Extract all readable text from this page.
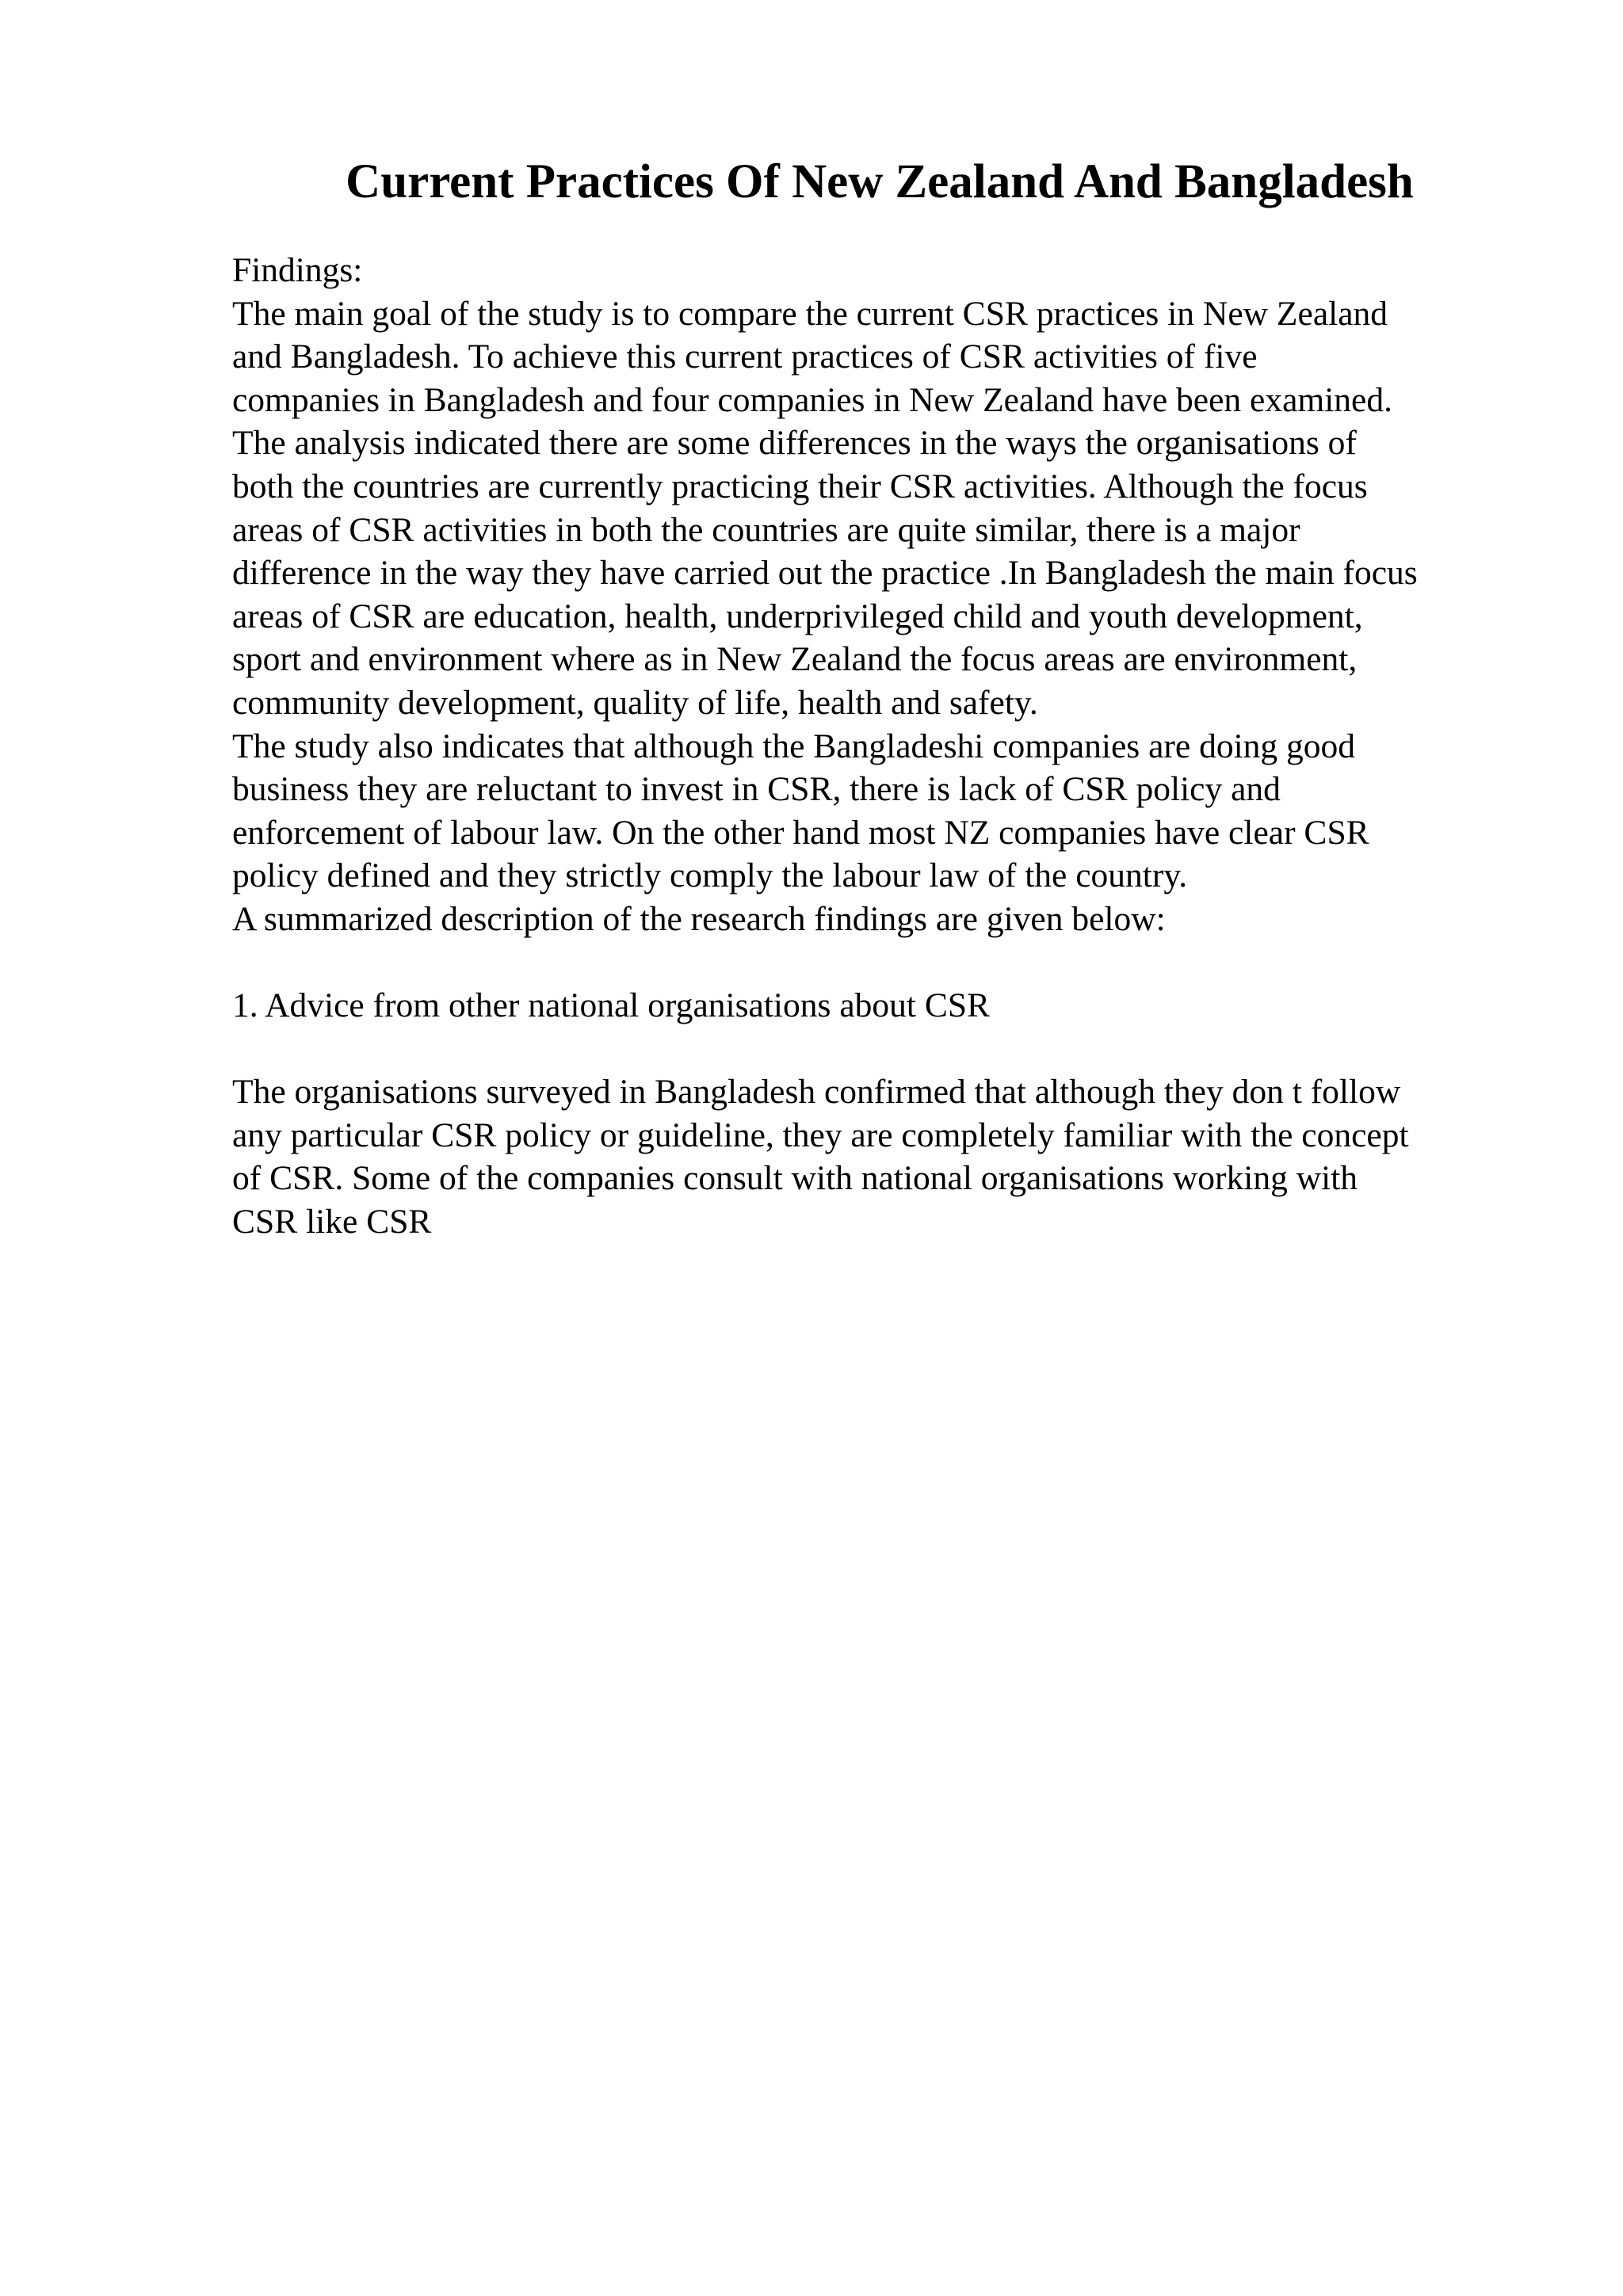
Current Practices Of New Zealand And Bangladesh

Findings:

The main goal of the study is to compare the current CSR practices in New Zealand

and Bangladesh. To achieve this current practices of CSR activities of five

companies in Bangladesh and four companies in New Zealand have been examined.

The analysis indicated there are some differences in the ways the organisations of

both the countries are currently practicing their CSR activities. Although the focus

areas of CSR activities in both the countries are quite similar, there is a major

difference in the way they have carried out the practice .In Bangladesh the main focus

areas of CSR are education, health, underprivileged child and youth development,

sport and environment where as in New Zealand the focus areas are environment,

community development, quality of life, health and safety.

The study also indicates that although the Bangladeshi companies are doing good

business they are reluctant to invest in CSR, there is lack of CSR policy and

enforcement of labour law. On the other hand most NZ companies have clear CSR

policy defined and they strictly comply the labour law of the country.

A summarized description of the research findings are given below:

1. Advice from other national organisations about CSR

The organisations surveyed in Bangladesh confirmed that although they don t follow

any particular CSR policy or guideline, they are completely familiar with the concept

of CSR. Some of the companies consult with national organisations working with

CSR like CSR
